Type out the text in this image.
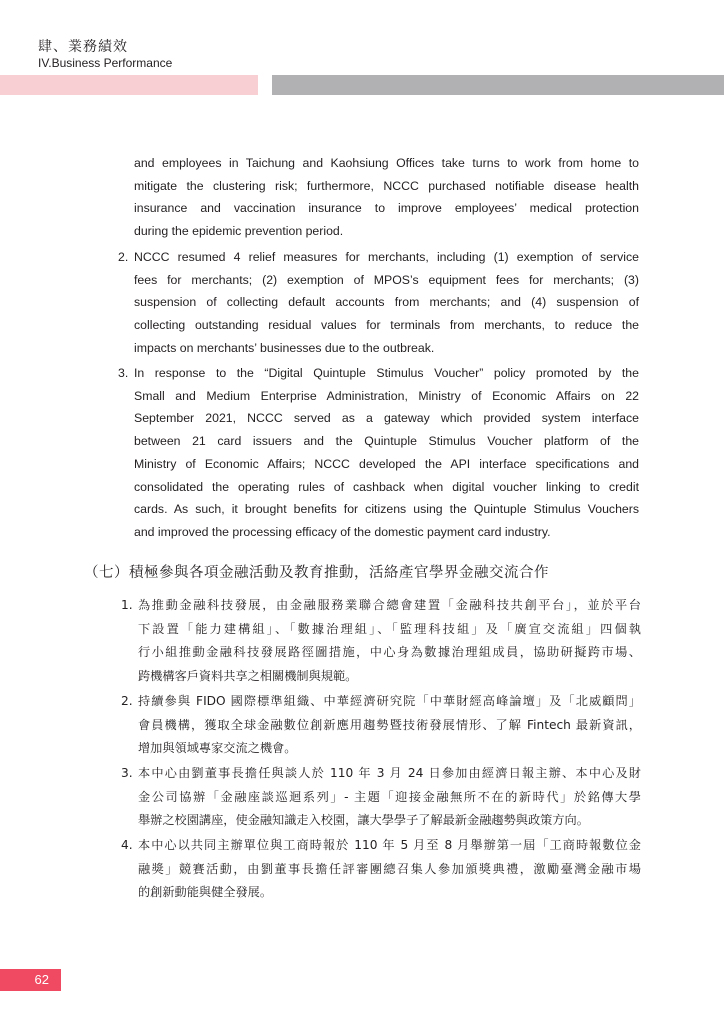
肆、業務績效
IV.Business Performance
and employees in Taichung and Kaohsiung Offices take turns to work from home to
mitigate the clustering risk; furthermore, NCCC purchased notifiable disease health
insurance and vaccination insurance to improve employees’ medical protection
during the epidemic prevention period.
2. NCCC resumed 4 relief measures for merchants, including (1) exemption of service
fees for merchants; (2) exemption of MPOS’s equipment fees for merchants; (3)
suspension of collecting default accounts from merchants; and (4) suspension of
collecting outstanding residual values for terminals from merchants, to reduce the
impacts on merchants’ businesses due to the outbreak.
3. In response to the “Digital Quintuple Stimulus Voucher” policy promoted by the
Small and Medium Enterprise Administration, Ministry of Economic Affairs on 22
September 2021, NCCC served as a gateway which provided system interface
between 21 card issuers and the Quintuple Stimulus Voucher platform of the
Ministry of Economic Affairs; NCCC developed the API interface specifications and
consolidated the operating rules of cashback when digital voucher linking to credit
cards. As such, it brought benefits for citizens using the Quintuple Stimulus Vouchers
and improved the processing efficacy of the domestic payment card industry.
（七）積極參與各項金融活動及教育推動，活絡產官學界金融交流合作
1. 為推動金融科技發展，由金融服務業聯合總會建置「金融科技共創平台」，並於平台
下設置「能力建構組」、「數據治理組」、「監理科技組」及「廣宣交流組」四個執
行小組推動金融科技發展路徑圖措施，中心身為數據治理組成員，協助研擬跨市場、
跨機構客戶資料共享之相關機制與規範。
2. 持續參與 FIDO 國際標準組織、中華經濟研究院「中華財經高峰論壇」及「北威顧問」
會員機構，獲取全球金融數位創新應用趨勢暨技術發展情形、了解 Fintech 最新資訊，
增加與領域專家交流之機會。
3. 本中心由劉董事長擔任與談人於 110 年 3 月 24 日參加由經濟日報主辦、本中心及財
金公司協辦「金融座談巡迴系列」- 主題「迎接金融無所不在的新時代」於銘傳大學
舉辦之校園講座，使金融知識走入校園，讓大學學子了解最新金融趨勢與政策方向。
4. 本中心以共同主辦單位與工商時報於 110 年 5 月至 8 月舉辦第一屆「工商時報數位金
融獎」競賽活動，由劉董事長擔任評審團總召集人參加頒獎典禮，激勵臺灣金融市場
的創新動能與健全發展。
62
